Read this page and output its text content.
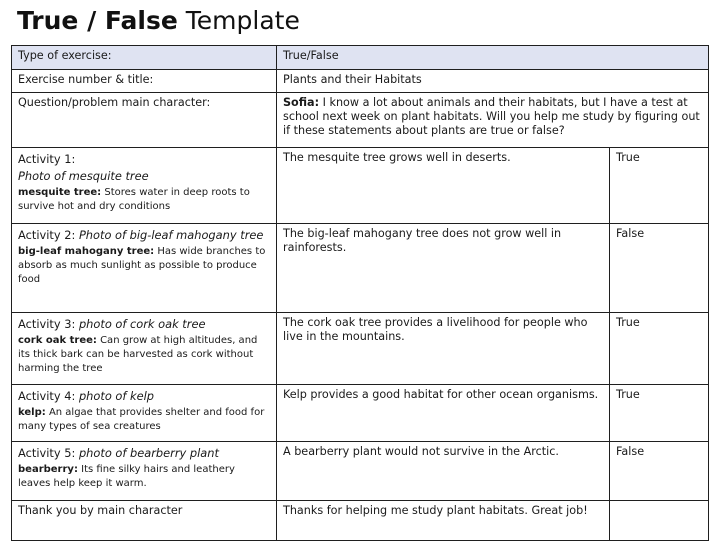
True / False Template
Type of exercise:	True/False	
Exercise number & title:	Plants and their Habitats	
Question/problem main character:	Sofia: I know a lot about animals and their habitats, but I have a test at school next week on plant habitats. Will you help me study by figuring out if these statements about plants are true or false?	

Activity 1:
Photo of mesquite tree
mesquite tree: Stores water in deep roots to survive hot and dry conditions	The mesquite tree grows well in deserts.	True

Activity 2: Photo of big-leaf mahogany tree
big-leaf mahogany tree: Has wide branches to absorb as much sunlight as possible to produce food	The big-leaf mahogany tree does not grow well in rainforests.	False

Activity 3: photo of cork oak tree
cork oak tree: Can grow at high altitudes, and its thick bark can be harvested as cork without harming the tree	The cork oak tree provides a livelihood for people who live in the mountains.	True

Activity 4: photo of kelp
kelp: An algae that provides shelter and food for many types of sea creatures	Kelp provides a good habitat for other ocean organisms.	True

Activity 5: photo of bearberry plant
bearberry: Its fine silky hairs and leathery leaves help keep it warm.	A bearberry plant would not survive in the Arctic.	False
Thank you by main character	Thanks for helping me study plant habitats. Great job!	
